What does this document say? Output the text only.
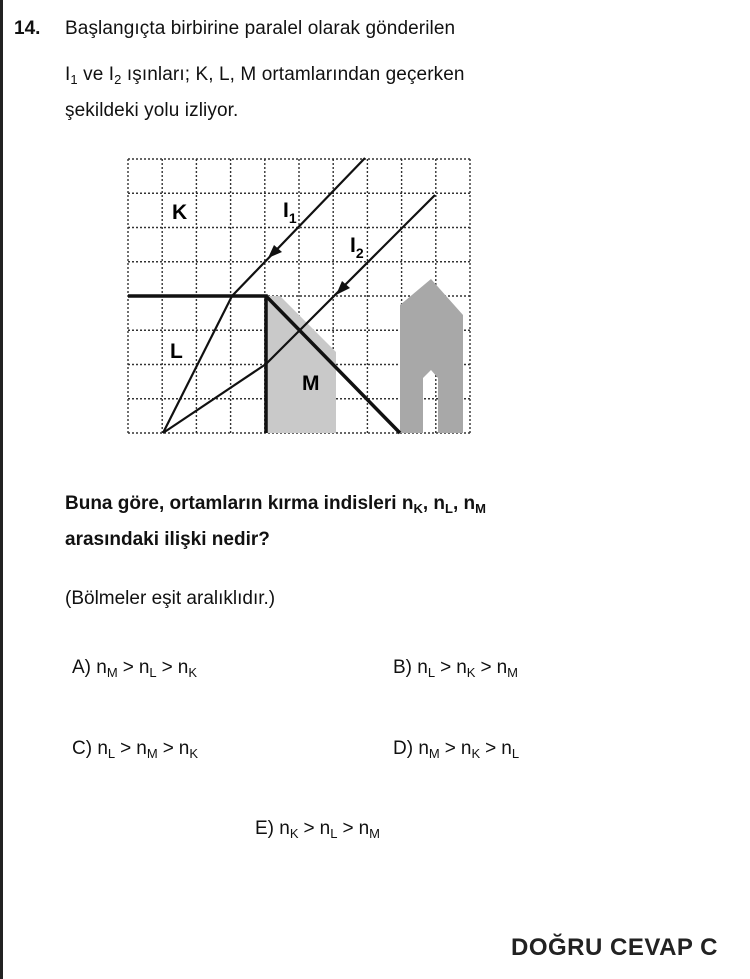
14. Başlangıçta birbirine paralel olarak gönderilen
$I_1$ ve $I_2$ ışınları; K, L, M ortamlarından geçerken
şekildeki yolu izliyor.
K
L
M
$I_1$
$I_2$
Buna göre, ortamların kırma indisleri $n_K$, $n_L$, $n_M$
arasındaki ilişki nedir?
(Bölmeler eşit aralıklıdır.)
A) $n_M > n_L > n_K$	B) $n_L > n_K > n_M$
C) $n_L > n_M > n_K$	D) $n_M > n_K > n_L$
E) $n_K > n_L > n_M$
DOĞRU CEVAP C
